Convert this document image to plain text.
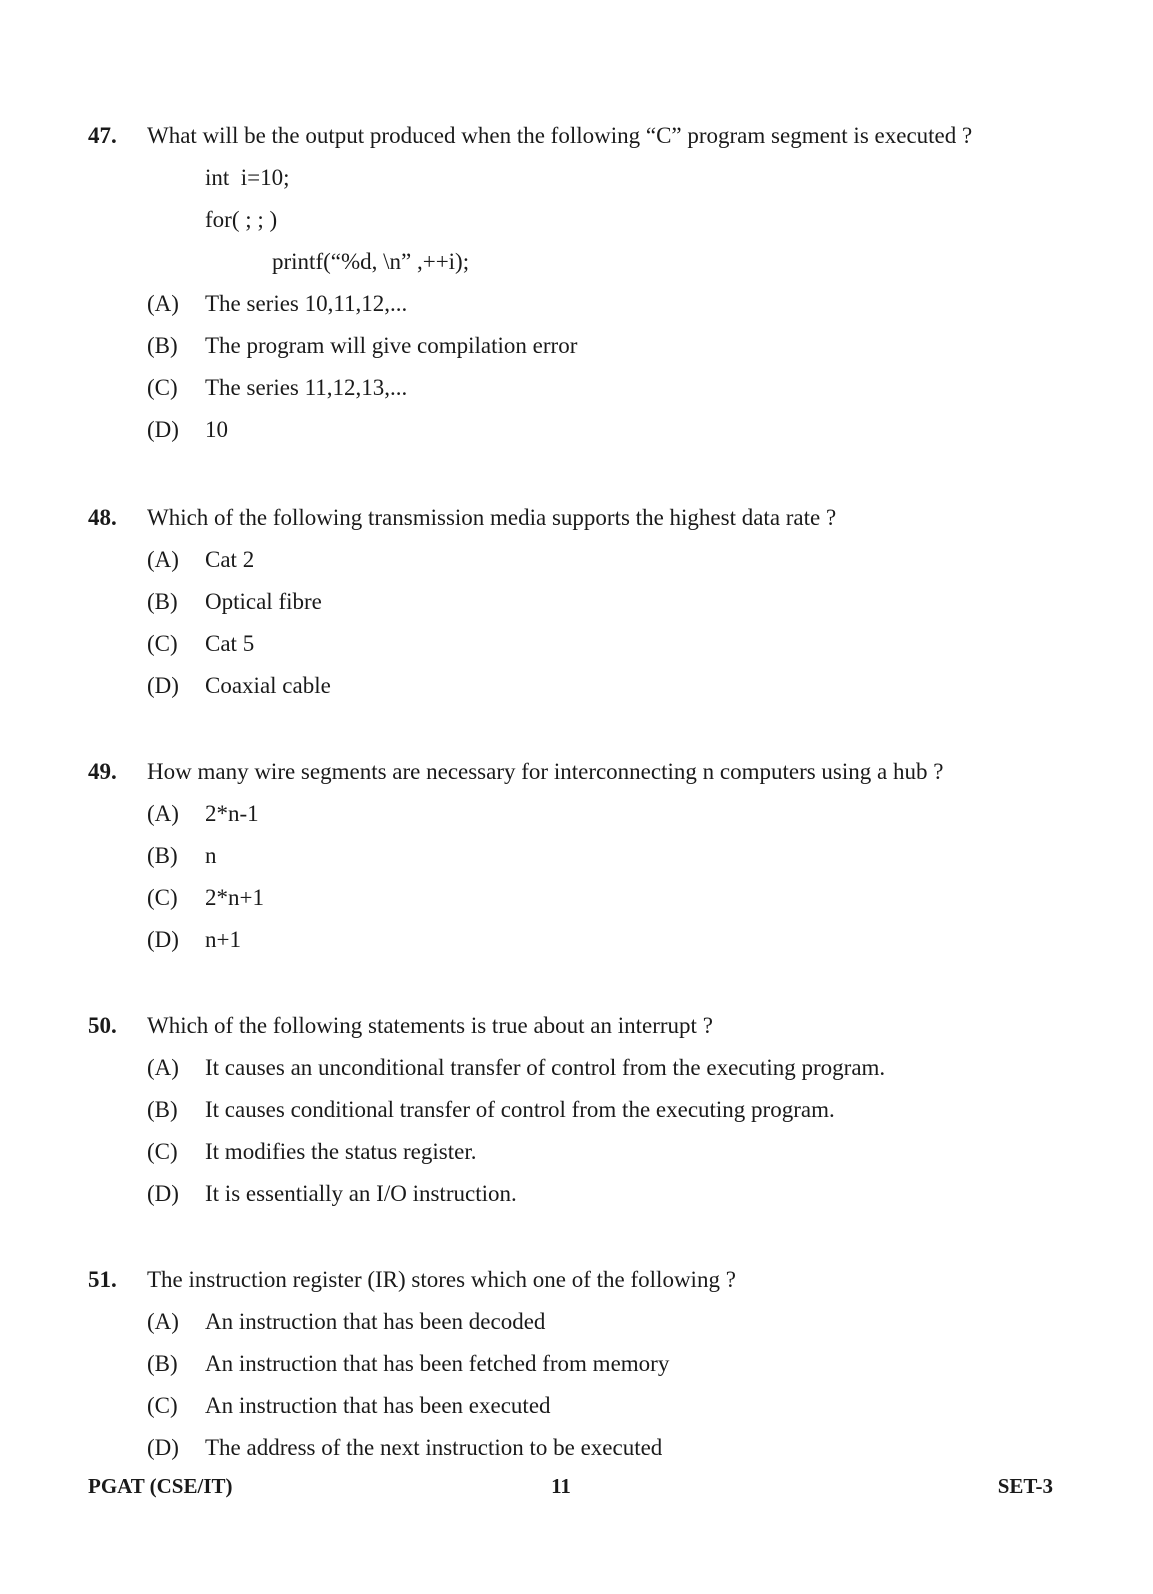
47. What will be the output produced when the following “C” program segment is executed ?
int  i=10;
for( ; ; )
printf(“%d, \n” ,++i);
(A) The series 10,11,12,...
(B) The program will give compilation error
(C) The series 11,12,13,...
(D) 10
48. Which of the following transmission media supports the highest data rate ?
(A) Cat 2
(B) Optical fibre
(C) Cat 5
(D) Coaxial cable
49. How many wire segments are necessary for interconnecting n computers using a hub ?
(A) 2*n-1
(B) n
(C) 2*n+1
(D) n+1
50. Which of the following statements is true about an interrupt ?
(A) It causes an unconditional transfer of control from the executing program.
(B) It causes conditional transfer of control from the executing program.
(C) It modifies the status register.
(D) It is essentially an I/O instruction.
51. The instruction register (IR) stores which one of the following ?
(A) An instruction that has been decoded
(B) An instruction that has been fetched from memory
(C) An instruction that has been executed
(D) The address of the next instruction to be executed
PGAT (CSE/IT)	11	SET-3
